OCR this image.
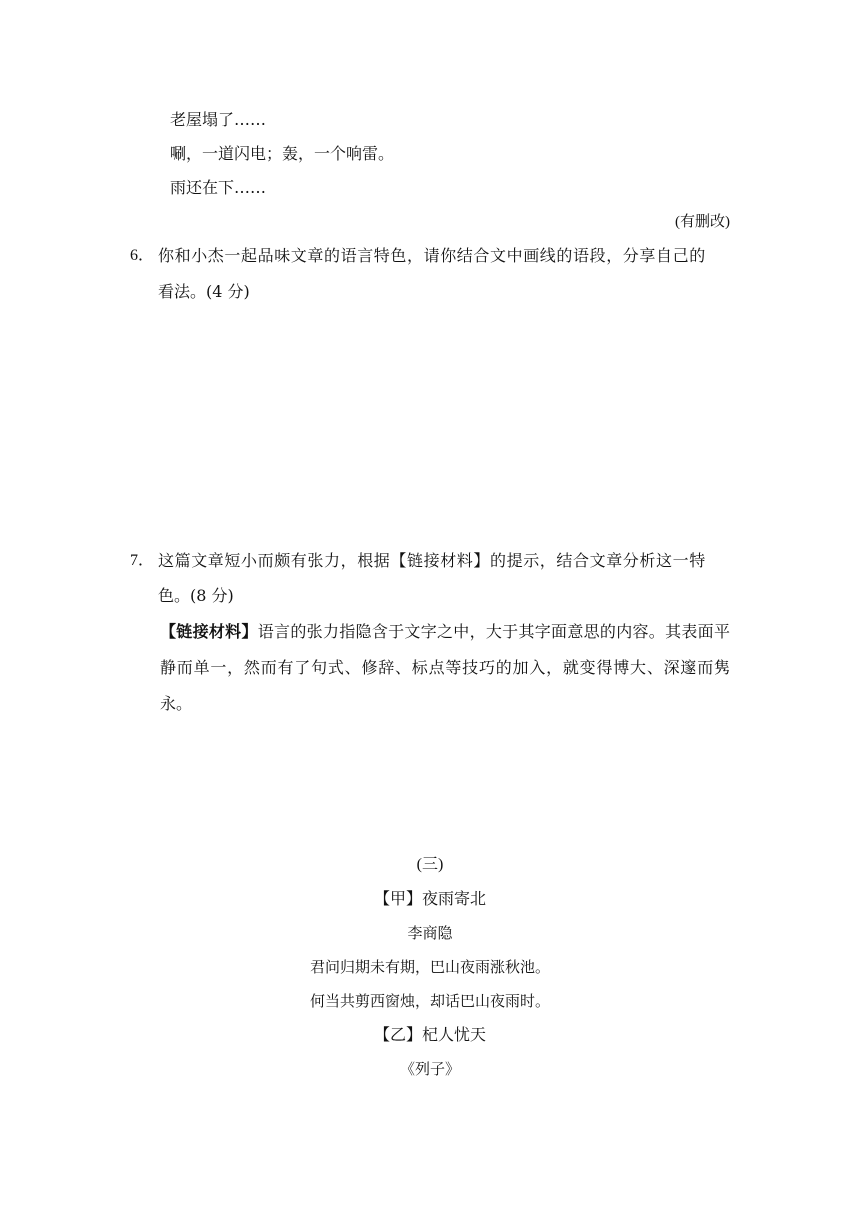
老屋塌了……
唰，一道闪电；轰，一个响雷。
雨还在下……
(有删改)
6． 你和小杰一起品味文章的语言特色，请你结合文中画线的语段，分享自己的
看法。(4 分)
7． 这篇文章短小而颇有张力，根据【链接材料】的提示，结合文章分析这一特
色。(8 分)
【链接材料】语言的张力指隐含于文字之中，大于其字面意思的内容。其表面平静而单一，然而有了句式、修辞、标点等技巧的加入，就变得博大、深邃而隽永。
(三)
【甲】夜雨寄北
李商隐
君问归期未有期，巴山夜雨涨秋池。
何当共剪西窗烛，却话巴山夜雨时。
【乙】杞人忧天
《列子》
